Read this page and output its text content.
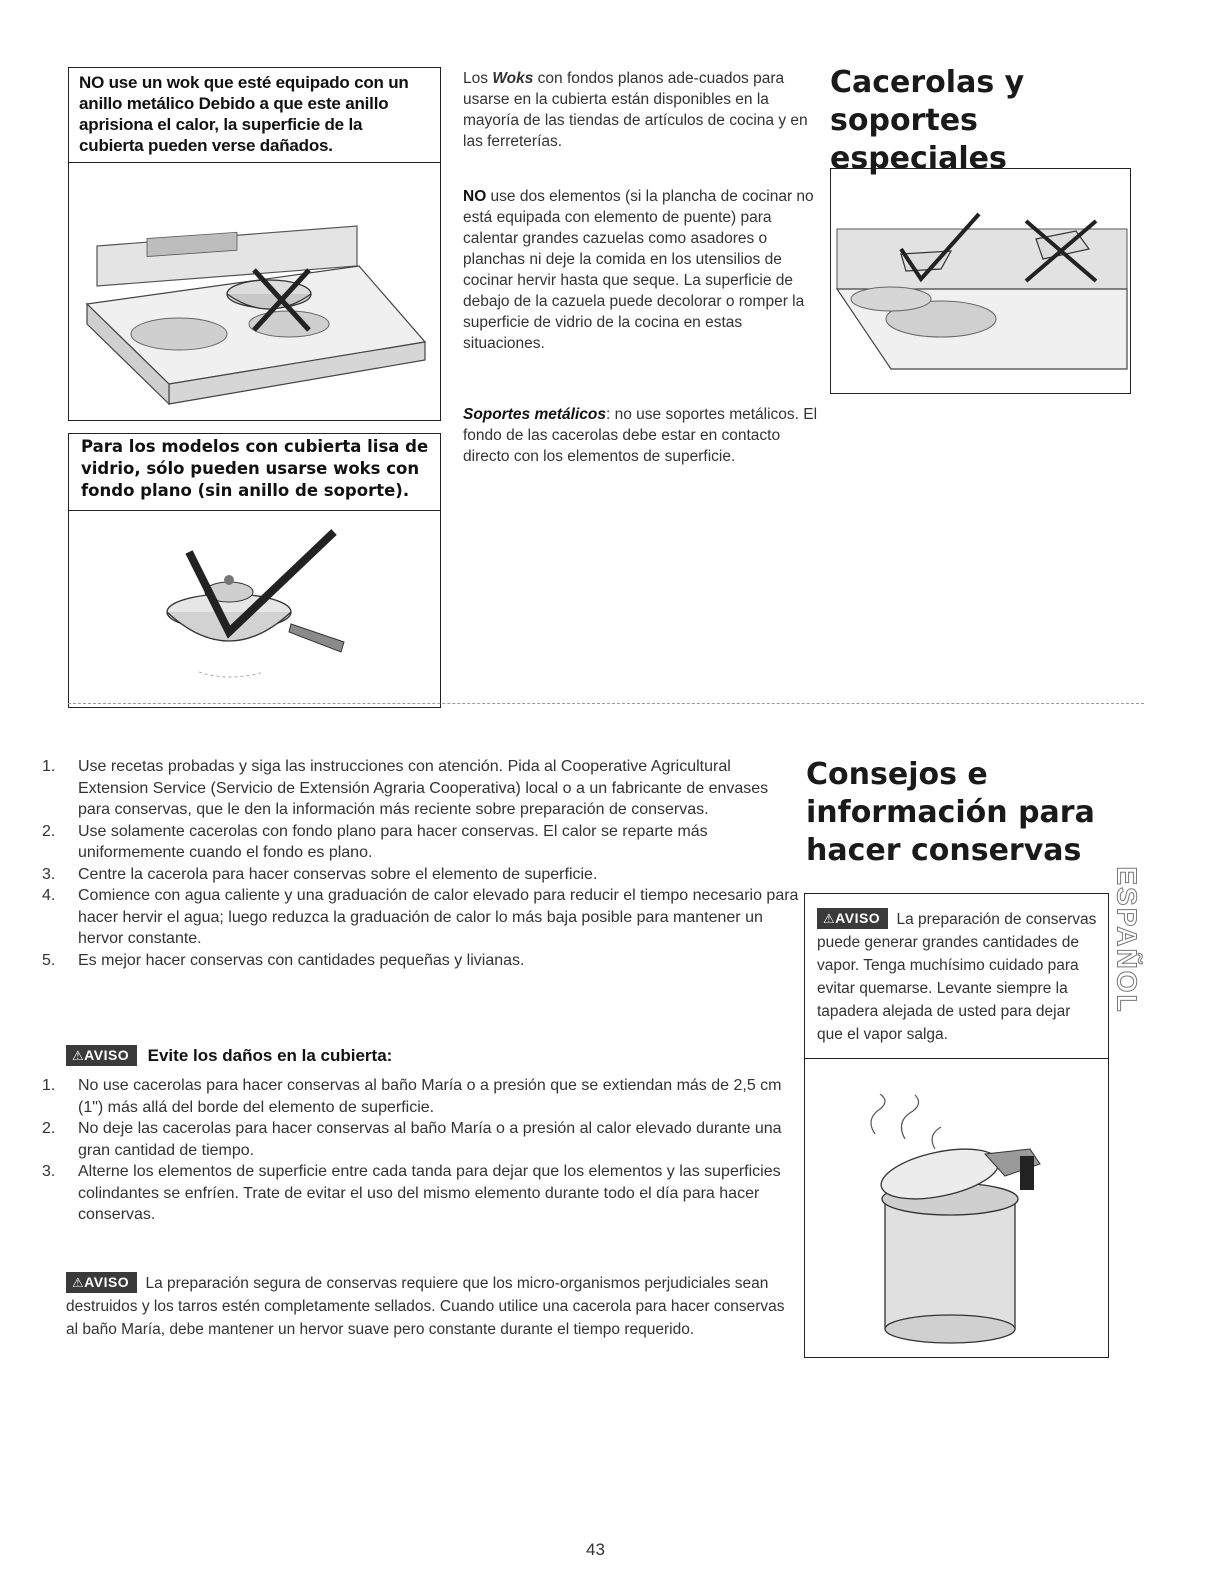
NO use un wok que esté equipado con un anillo metálico Debido a que este anillo aprisiona el calor, la superficie de la cubierta pueden verse dañados.
Para los modelos con cubierta lisa de vidrio, sólo pueden usarse woks con fondo plano (sin anillo de soporte).
Los Woks con fondos planos ade-cuados para usarse en la cubierta están disponibles en la mayoría de las tiendas de artículos de cocina y en las ferreterías.
NO use dos elementos (si la plancha de cocinar no está equipada con elemento de puente) para calentar grandes cazuelas como asadores o planchas ni deje la comida en los utensilios de cocinar hervir hasta que seque. La superficie de debajo de la cazuela puede decolorar o romper la superficie de vidrio de la cocina en estas situaciones.
Soportes metálicos: no use soportes metálicos. El fondo de las cacerolas debe estar en contacto directo con los elementos de superficie.
Cacerolas y soportes
especiales
1. Use recetas probadas y siga las instrucciones con atención. Pida al Cooperative Agricultural Extension Service (Servicio de Extensión Agraria Cooperativa) local o a un fabricante de envases para conservas, que le den la información más reciente sobre preparación de conservas.
2. Use solamente cacerolas con fondo plano para hacer conservas. El calor se reparte más uniformemente cuando el fondo es plano.
3. Centre la cacerola para hacer conservas sobre el elemento de superficie.
4. Comience con agua caliente y una graduación de calor elevado para reducir el tiempo necesario para hacer hervir el agua; luego reduzca la graduación de calor lo más baja posible para mantener un hervor constante.
5. Es mejor hacer conservas con cantidades pequeñas y livianas.
⚠AVISO Evite los daños en la cubierta:
1. No use cacerolas para hacer conservas al baño María o a presión que se extiendan más de 2,5 cm (1") más allá del borde del elemento de superficie.
2. No deje las cacerolas para hacer conservas al baño María o a presión al calor elevado durante una gran cantidad de tiempo.
3. Alterne los elementos de superficie entre cada tanda para dejar que los elementos y las superficies colindantes se enfríen. Trate de evitar el uso del mismo elemento durante todo el día para hacer conservas.
⚠AVISO La preparación segura de conservas requiere que los micro-organismos perjudiciales sean destruidos y los tarros estén completamente sellados. Cuando utilice una cacerola para hacer conservas al baño María, debe mantener un hervor suave pero constante durante el tiempo requerido.
Consejos e
información para
hacer conservas
⚠AVISO La preparación de conservas puede generar grandes cantidades de vapor. Tenga muchísimo cuidado para evitar quemarse. Levante siempre la tapadera alejada de usted para dejar que el vapor salga.
ESPAÑOL
43
